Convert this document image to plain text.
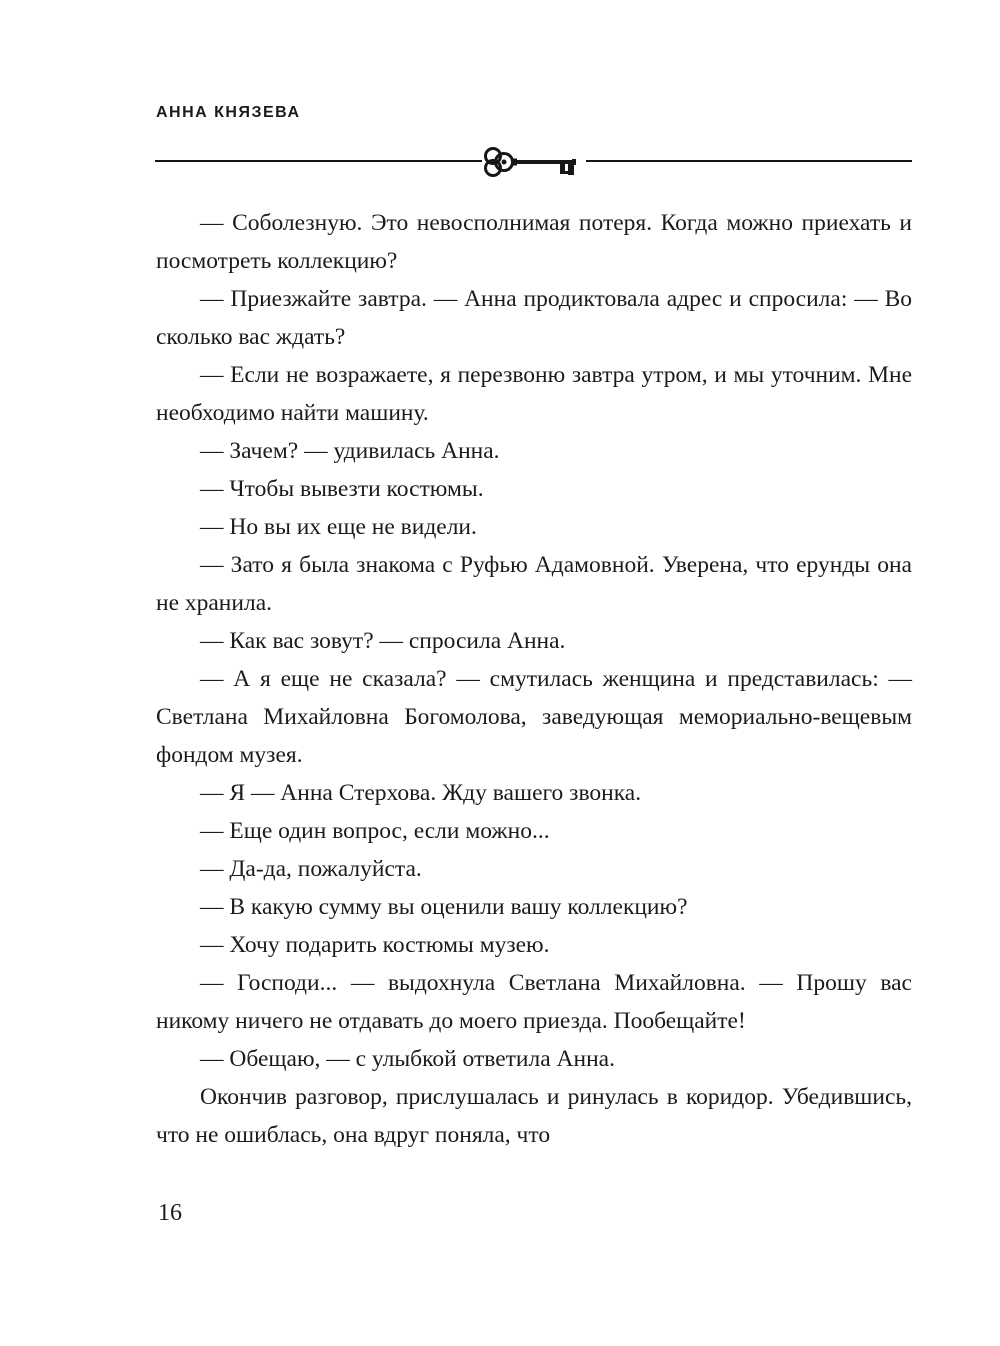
АННА КНЯЗЕВА

— Соболезную. Это невосполнимая потеря. Когда можно приехать и посмотреть коллекцию?

— Приезжайте завтра. — Анна продиктовала адрес и спросила: — Во сколько вас ждать?

— Если не возражаете, я перезвоню завтра утром, и мы уточним. Мне необходимо найти машину.

— Зачем? — удивилась Анна.

— Чтобы вывезти костюмы.

— Но вы их еще не видели.

— Зато я была знакома с Руфью Адамовной. Уверена, что ерунды она не хранила.

— Как вас зовут? — спросила Анна.

— А я еще не сказала? — смутилась женщина и представилась: — Светлана Михайловна Богомолова, заведующая мемориально-вещевым фондом музея.

— Я — Анна Стерхова. Жду вашего звонка.

— Еще один вопрос, если можно...

— Да-да, пожалуйста.

— В какую сумму вы оценили вашу коллекцию?

— Хочу подарить костюмы музею.

— Господи... — выдохнула Светлана Михайловна. — Прошу вас никому ничего не отдавать до моего приезда. Пообещайте!

— Обещаю, — с улыбкой ответила Анна.

Окончив разговор, прислушалась и ринулась в коридор. Убедившись, что не ошиблась, она вдруг поняла, что

16
